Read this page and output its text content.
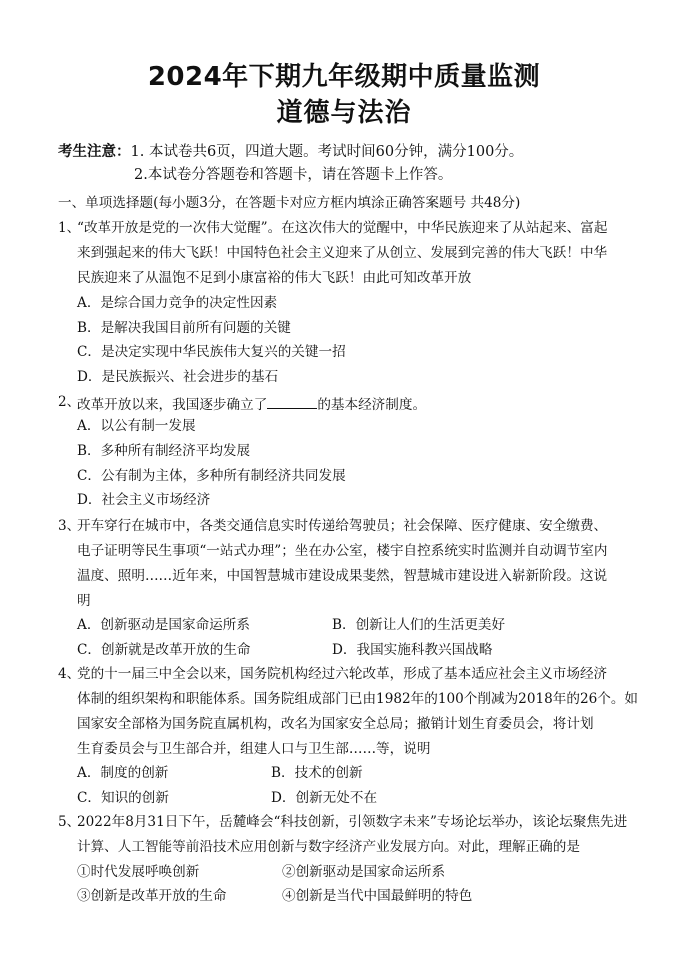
2024年下期九年级期中质量监测
道德与法治
考生注意：1. 本试卷共6页，四道大题。考试时间60分钟，满分100分。
2.本试卷分答题卷和答题卡，请在答题卡上作答。
一、单项选择题(每小题3分，在答题卡对应方框内填涂正确答案题号 共48分)
1、
“改革开放是党的一次伟大觉醒”。在这次伟大的觉醒中，中华民族迎来了从站起来、富起
来到强起来的伟大飞跃！中国特色社会主义迎来了从创立、发展到完善的伟大飞跃！中华
民族迎来了从温饱不足到小康富裕的伟大飞跃！由此可知改革开放
A．是综合国力竞争的决定性因素
B．是解决我国目前所有问题的关键
C．是决定实现中华民族伟大复兴的关键一招
D．是民族振兴、社会进步的基石
2、
改革开放以来，我国逐步确立了	的基本经济制度。
A．以公有制一发展
B．多种所有制经济平均发展
C．公有制为主体，多种所有制经济共同发展
D．社会主义市场经济
3、
开车穿行在城市中，各类交通信息实时传递给驾驶员；社会保障、医疗健康、安全缴费、
电子证明等民生事项“一站式办理”；坐在办公室，楼宇自控系统实时监测并自动调节室内
温度、照明……近年来，中国智慧城市建设成果斐然，智慧城市建设进入崭新阶段。这说
明
A．创新驱动是国家命运所系	B．创新让人们的生活更美好
C．创新就是改革开放的生命	D．我国实施科教兴国战略
4、
党的十一届三中全会以来，国务院机构经过六轮改革，形成了基本适应社会主义市场经济
体制的组织架构和职能体系。国务院组成部门已由1982年的100个削减为2018年的26个。如
国家安全部格为国务院直属机构，改名为国家安全总局；撤销计划生育委员会，将计划
生育委员会与卫生部合并，组建人口与卫生部……等，说明
A．制度的创新	B．技术的创新
C．知识的创新	D．创新无处不在
5、
2022年8月31日下午，岳麓峰会“科技创新，引领数字未来”专场论坛举办，该论坛聚焦先进
计算、人工智能等前沿技术应用创新与数字经济产业发展方向。对此，理解正确的是
①时代发展呼唤创新	②创新驱动是国家命运所系
③创新是改革开放的生命	④创新是当代中国最鲜明的特色
